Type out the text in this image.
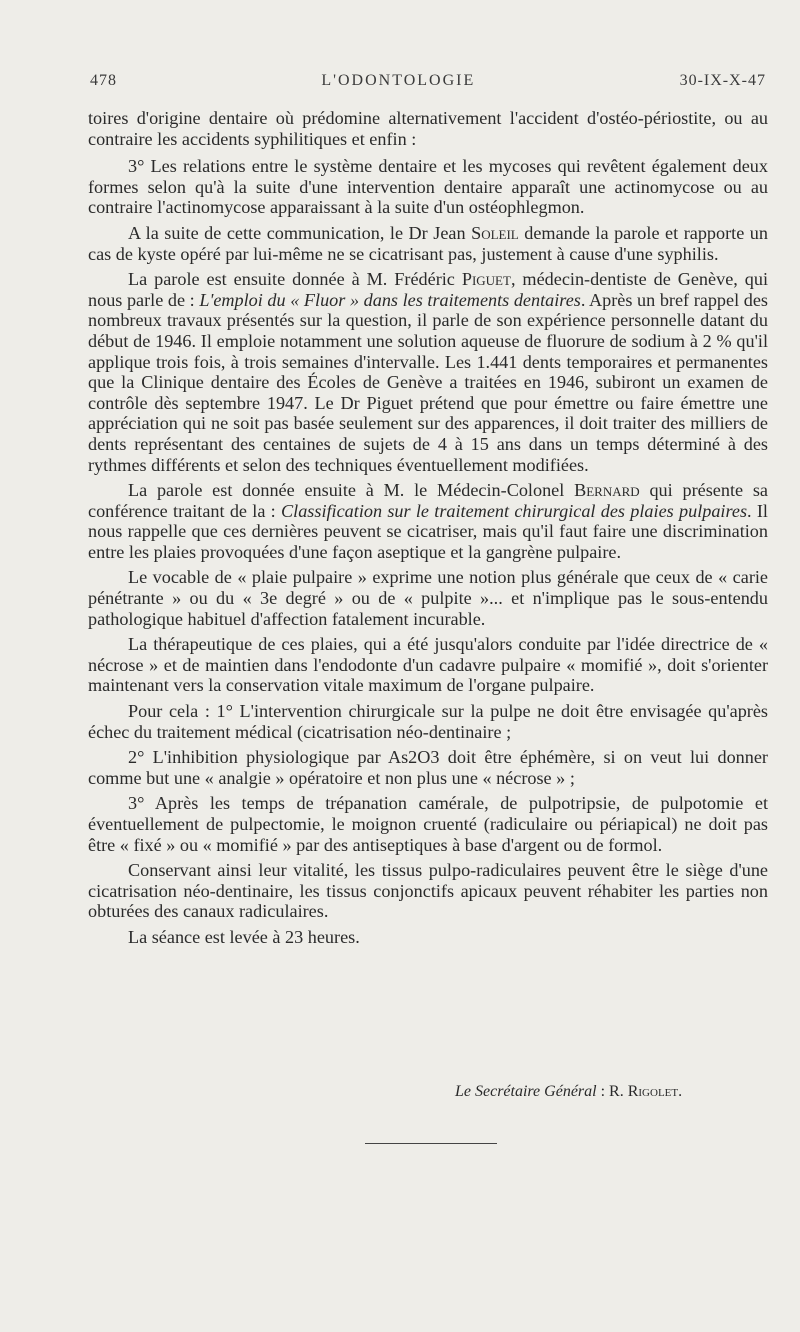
478	L'ODONTOLOGIE	30-IX-X-47

toires d'origine dentaire où prédomine alternativement l'accident d'ostéo-périostite, ou au contraire les accidents syphilitiques et enfin :

3° Les relations entre le système dentaire et les mycoses qui revêtent également deux formes selon qu'à la suite d'une intervention dentaire apparaît une actinomycose ou au contraire l'actinomycose apparaissant à la suite d'un ostéophlegmon.

A la suite de cette communication, le Dr Jean Soleil demande la parole et rapporte un cas de kyste opéré par lui-même ne se cicatrisant pas, justement à cause d'une syphilis.

La parole est ensuite donnée à M. Frédéric Piguet, médecin-dentiste de Genève, qui nous parle de : L'emploi du « Fluor » dans les traitements dentaires. Après un bref rappel des nombreux travaux présentés sur la question, il parle de son expérience personnelle datant du début de 1946. Il emploie notamment une solution aqueuse de fluorure de sodium à 2 % qu'il applique trois fois, à trois semaines d'intervalle. Les 1.441 dents temporaires et permanentes que la Clinique dentaire des Écoles de Genève a traitées en 1946, subiront un examen de contrôle dès septembre 1947. Le Dr Piguet prétend que pour émettre ou faire émettre une appréciation qui ne soit pas basée seulement sur des apparences, il doit traiter des milliers de dents représentant des centaines de sujets de 4 à 15 ans dans un temps déterminé à des rythmes différents et selon des techniques éventuellement modifiées.

La parole est donnée ensuite à M. le Médecin-Colonel Bernard qui présente sa conférence traitant de la : Classification sur le traitement chirurgical des plaies pulpaires. Il nous rappelle que ces dernières peuvent se cicatriser, mais qu'il faut faire une discrimination entre les plaies provoquées d'une façon aseptique et la gangrène pulpaire.

Le vocable de « plaie pulpaire » exprime une notion plus générale que ceux de « carie pénétrante » ou du « 3e degré » ou de « pulpite »... et n'implique pas le sous-entendu pathologique habituel d'affection fatalement incurable.

La thérapeutique de ces plaies, qui a été jusqu'alors conduite par l'idée directrice de « nécrose » et de maintien dans l'endodonte d'un cadavre pulpaire « momifié », doit s'orienter maintenant vers la conservation vitale maximum de l'organe pulpaire.

Pour cela : 1° L'intervention chirurgicale sur la pulpe ne doit être envisagée qu'après échec du traitement médical (cicatrisation néo-dentinaire ;

2° L'inhibition physiologique par As2O3 doit être éphémère, si on veut lui donner comme but une « analgie » opératoire et non plus une « nécrose » ;

3° Après les temps de trépanation camérale, de pulpotripsie, de pulpotomie et éventuellement de pulpectomie, le moignon cruenté (radiculaire ou périapical) ne doit pas être « fixé » ou « momifié » par des antiseptiques à base d'argent ou de formol.

Conservant ainsi leur vitalité, les tissus pulpo-radiculaires peuvent être le siège d'une cicatrisation néo-dentinaire, les tissus conjonctifs apicaux peuvent réhabiter les parties non obturées des canaux radiculaires.

La séance est levée à 23 heures.

Le Secrétaire Général : R. Rigolet.
